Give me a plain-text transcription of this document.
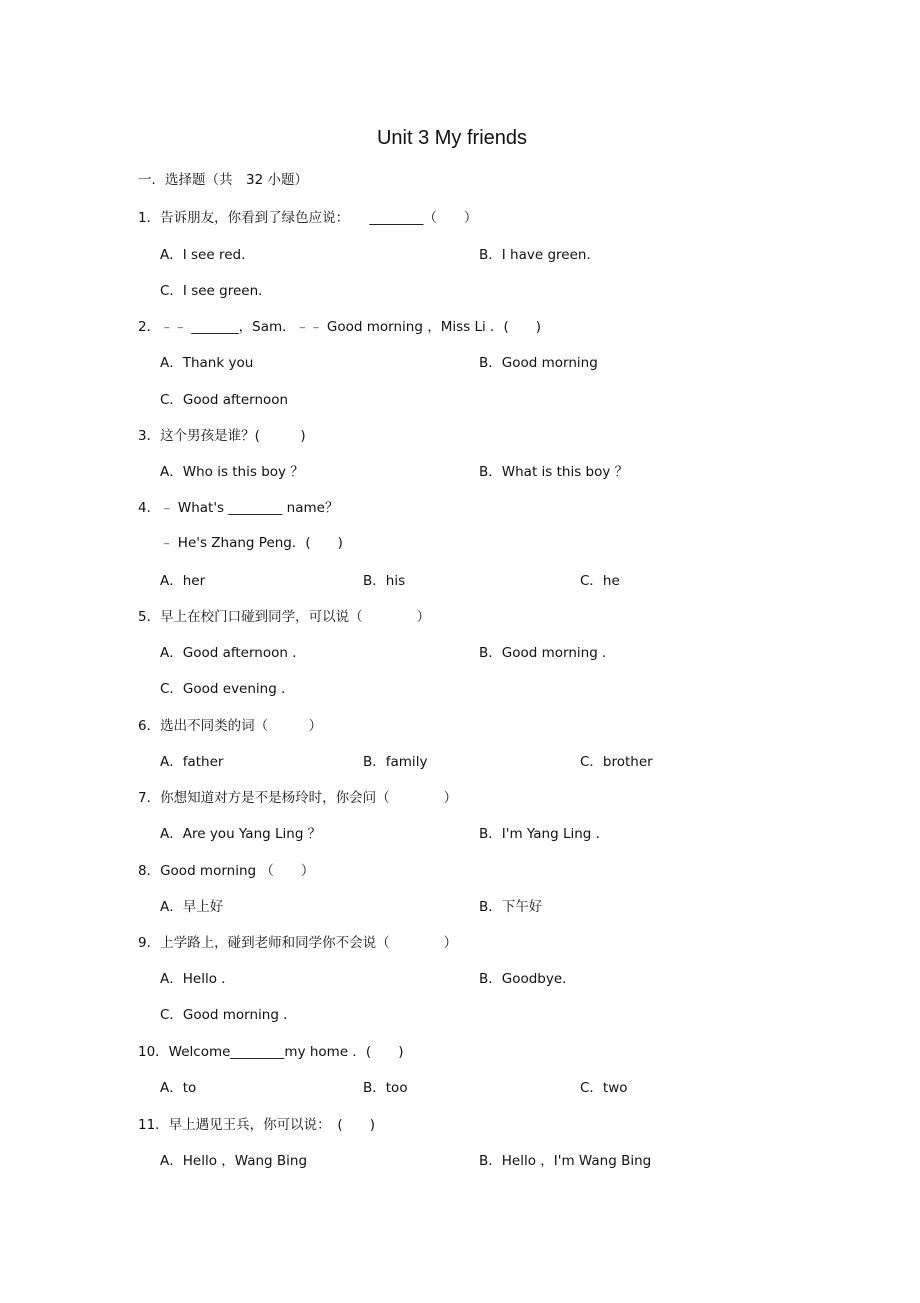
Unit 3 My friends
一．选择题（共　32 小题）
1．告诉朋友，你看到了绿色应说：　　________（　　）
A．I see red．	B．I have green．
C．I see green．
2．﹣﹣ _______，Sam．﹣﹣ Good morning ，Miss Li ．(　　)
A．Thank you	B．Good morning
C．Good afternoon
3．这个男孩是谁？(　　　)
A．Who is this boy ？	B．What is this boy ？
4．﹣ What's ________ name？
﹣ He's Zhang Peng．(　　)
A．her	B．his	C．he
5．早上在校门口碰到同学，可以说（　　　　）
A．Good afternoon ．	B．Good morning ．
C．Good evening ．
6．选出不同类的词（　　　）
A．father	B．family	C．brother
7．你想知道对方是不是杨玲时，你会问（　　　　）
A．Are you Yang Ling ？	B．I'm Yang Ling ．
8．Good morning （　　）
A．早上好	B．下午好
9．上学路上，碰到老师和同学你不会说（　　　　）
A．Hello ．	B．Goodbye．
C．Good morning ．
10．Welcome________my home ．(　　)
A．to	B．too	C．two
11．早上遇见王兵，你可以说：　(　　)
A．Hello ，Wang Bing	B．Hello ，I'm Wang Bing
